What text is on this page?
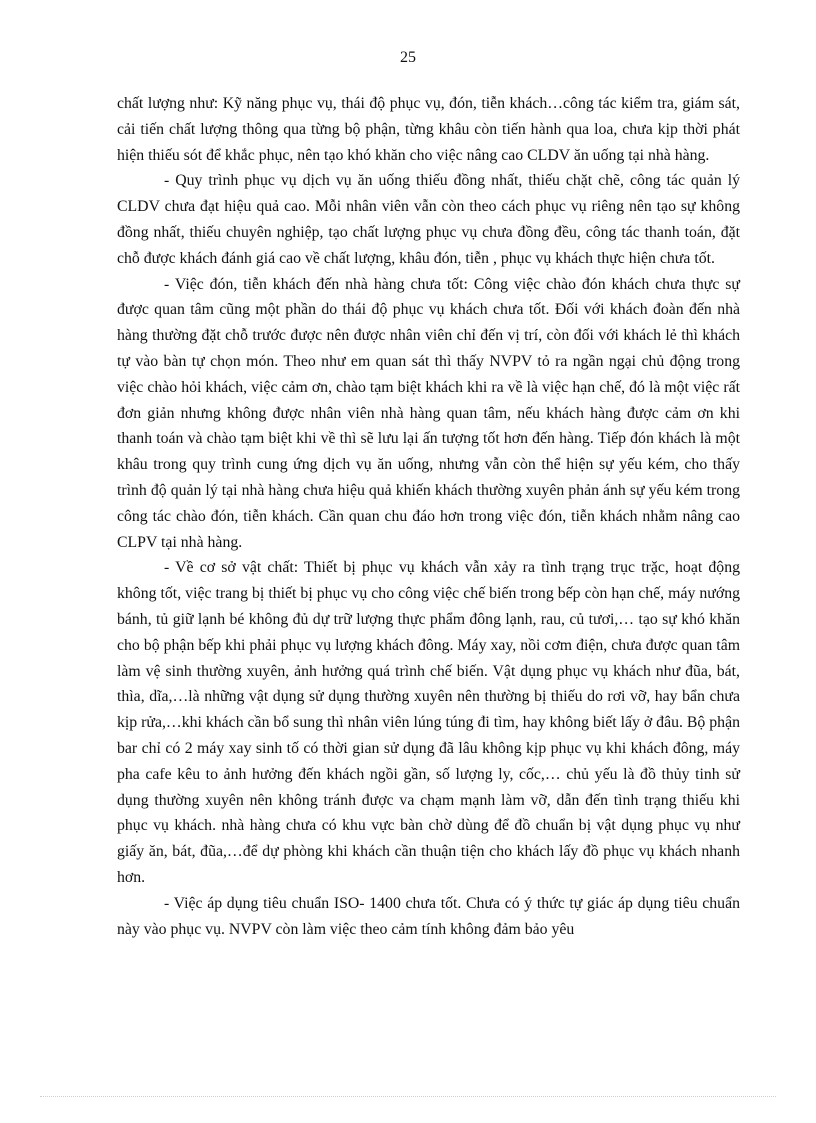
25

chất lượng như: Kỹ năng phục vụ, thái độ phục vụ, đón, tiễn khách…công tác kiểm tra, giám sát, cải tiến chất lượng thông qua từng bộ phận, từng khâu còn tiến hành qua loa, chưa kịp thời phát hiện thiếu sót để khắc phục, nên tạo khó khăn cho việc nâng cao CLDV ăn uống tại nhà hàng.

- Quy trình phục vụ dịch vụ ăn uống thiếu đồng nhất, thiếu chặt chẽ, công tác quản lý CLDV chưa đạt hiệu quả cao. Mỗi nhân viên vẫn còn theo cách phục vụ riêng nên tạo sự không đồng nhất, thiếu chuyên nghiệp, tạo chất lượng phục vụ chưa đồng đều, công tác thanh toán, đặt chỗ được khách đánh giá cao về chất lượng, khâu đón, tiễn , phục vụ khách thực hiện chưa tốt.

- Việc đón, tiễn khách đến nhà hàng chưa tốt: Công việc chào đón khách chưa thực sự được quan tâm cũng một phần do thái độ phục vụ khách chưa tốt. Đối với khách đoàn đến nhà hàng thường đặt chỗ trước được nên được nhân viên chỉ đến vị trí, còn đối với khách lẻ thì khách tự vào bàn tự chọn món. Theo như em quan sát thì thấy NVPV tỏ ra ngần ngại chủ động trong việc chào hỏi khách, việc cảm ơn, chào tạm biệt khách khi ra về là việc hạn chế, đó là một việc rất đơn giản nhưng không được nhân viên nhà hàng quan tâm, nếu khách hàng được cảm ơn khi thanh toán và chào tạm biệt khi về thì sẽ lưu lại ấn tượng tốt hơn đến hàng. Tiếp đón khách là một khâu trong quy trình cung ứng dịch vụ ăn uống, nhưng vẫn còn thể hiện sự yếu kém, cho thấy trình độ quản lý tại nhà hàng chưa hiệu quả khiến khách thường xuyên phản ánh sự yếu kém trong công tác chào đón, tiễn khách. Cần quan chu đáo hơn trong việc đón, tiễn khách nhằm nâng cao CLPV tại nhà hàng.

- Về cơ sở vật chất: Thiết bị phục vụ khách vẫn xảy ra tình trạng trục trặc, hoạt động không tốt, việc trang bị thiết bị phục vụ cho công việc chế biến trong bếp còn hạn chế, máy nướng bánh, tủ giữ lạnh bé không đủ dự trữ lượng thực phẩm đông lạnh, rau, củ tươi,… tạo sự khó khăn cho bộ phận bếp khi phải phục vụ lượng khách đông. Máy xay, nồi cơm điện, chưa được quan tâm làm vệ sinh thường xuyên, ảnh hưởng quá trình chế biến. Vật dụng phục vụ khách như đũa, bát, thìa, dĩa,…là những vật dụng sử dụng thường xuyên nên thường bị thiếu do rơi vỡ, hay bẩn chưa kịp rửa,…khi khách cần bổ sung thì nhân viên lúng túng đi tìm, hay không biết lấy ở đâu. Bộ phận bar chỉ có 2 máy xay sinh tố có thời gian sử dụng đã lâu không kịp phục vụ khi khách đông, máy pha cafe kêu to ảnh hưởng đến khách ngồi gần, số lượng ly, cốc,… chủ yếu là đồ thủy tinh sử dụng thường xuyên nên không tránh được va chạm mạnh làm vỡ, dẫn đến tình trạng thiếu khi phục vụ khách. nhà hàng chưa có khu vực bàn chờ dùng để đồ chuẩn bị vật dụng phục vụ như giấy ăn, bát, đũa,…để dự phòng khi khách cần thuận tiện cho khách lấy đồ phục vụ khách nhanh hơn.

- Việc áp dụng tiêu chuẩn ISO- 1400 chưa tốt. Chưa có ý thức tự giác áp dụng tiêu chuẩn này vào phục vụ. NVPV còn làm việc theo cảm tính không đảm bảo yêu
